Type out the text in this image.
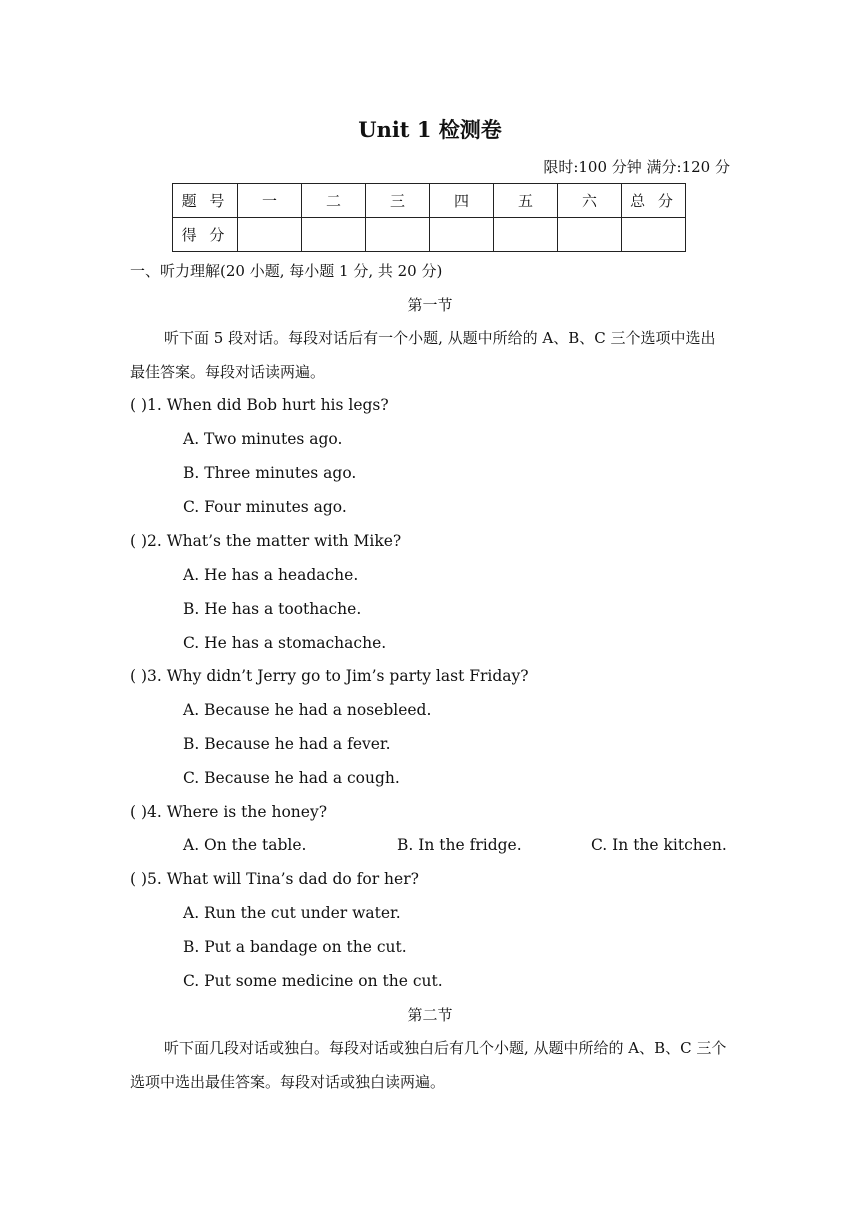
Unit 1 检测卷
限时:100 分钟 满分:120 分
题 号	一	二	三	四	五	六	总 分
得 分							
一、听力理解(20 小题, 每小题 1 分, 共 20 分)
第一节
听下面 5 段对话。每段对话后有一个小题, 从题中所给的 A、B、C 三个选项中选出最佳答案。每段对话读两遍。
( )1. When did Bob hurt his legs?
A. Two minutes ago.
B. Three minutes ago.
C. Four minutes ago.
( )2. What’s the matter with Mike?
A. He has a headache.
B. He has a toothache.
C. He has a stomachache.
( )3. Why didn’t Jerry go to Jim’s party last Friday?
A. Because he had a nosebleed.
B. Because he had a fever.
C. Because he had a cough.
( )4. Where is the honey?
A. On the table.	B. In the fridge.	C. In the kitchen.
( )5. What will Tina’s dad do for her?
A. Run the cut under water.
B. Put a bandage on the cut.
C. Put some medicine on the cut.
第二节
听下面几段对话或独白。每段对话或独白后有几个小题, 从题中所给的 A、B、C 三个选项中选出最佳答案。每段对话或独白读两遍。
